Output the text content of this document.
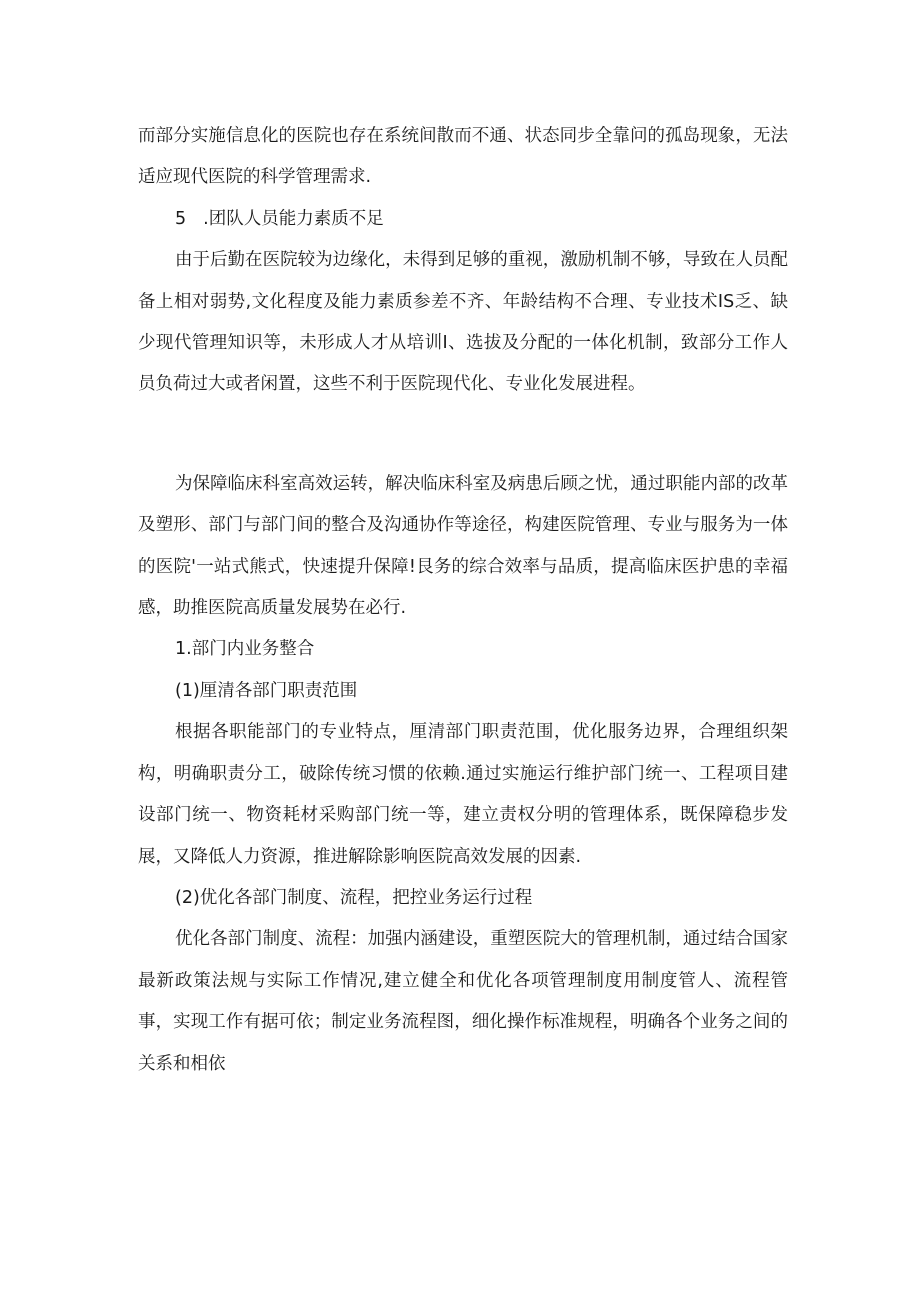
而部分实施信息化的医院也存在系统间散而不通、状态同步全靠问的孤岛现象，无法适应现代医院的科学管理需求.

5 .团队人员能力素质不足

由于后勤在医院较为边缘化，未得到足够的重视，激励机制不够，导致在人员配备上相对弱势,文化程度及能力素质参差不齐、年龄结构不合理、专业技术IS乏、缺少现代管理知识等，未形成人才从培训I、选拔及分配的一体化机制，致部分工作人员负荷过大或者闲置，这些不利于医院现代化、专业化发展进程。

为保障临床科室高效运转，解决临床科室及病患后顾之忧，通过职能内部的改革及塑形、部门与部门间的整合及沟通协作等途径，构建医院管理、专业与服务为一体的医院'一站式熊式，快速提升保障!艮务的综合效率与品质，提高临床医护患的幸福感，助推医院高质量发展势在必行.

1.部门内业务整合

(1)厘清各部门职责范围

根据各职能部门的专业特点，厘清部门职责范围，优化服务边界，合理组织架构，明确职责分工，破除传统习惯的依赖.通过实施运行维护部门统一、工程项目建设部门统一、物资耗材采购部门统一等，建立责权分明的管理体系，既保障稳步发展，又降低人力资源，推进解除影响医院高效发展的因素.

(2)优化各部门制度、流程，把控业务运行过程

优化各部门制度、流程：加强内涵建设，重塑医院大的管理机制，通过结合国家最新政策法规与实际工作情况,建立健全和优化各项管理制度用制度管人、流程管事，实现工作有据可依；制定业务流程图，细化操作标准规程，明确各个业务之间的关系和相依
